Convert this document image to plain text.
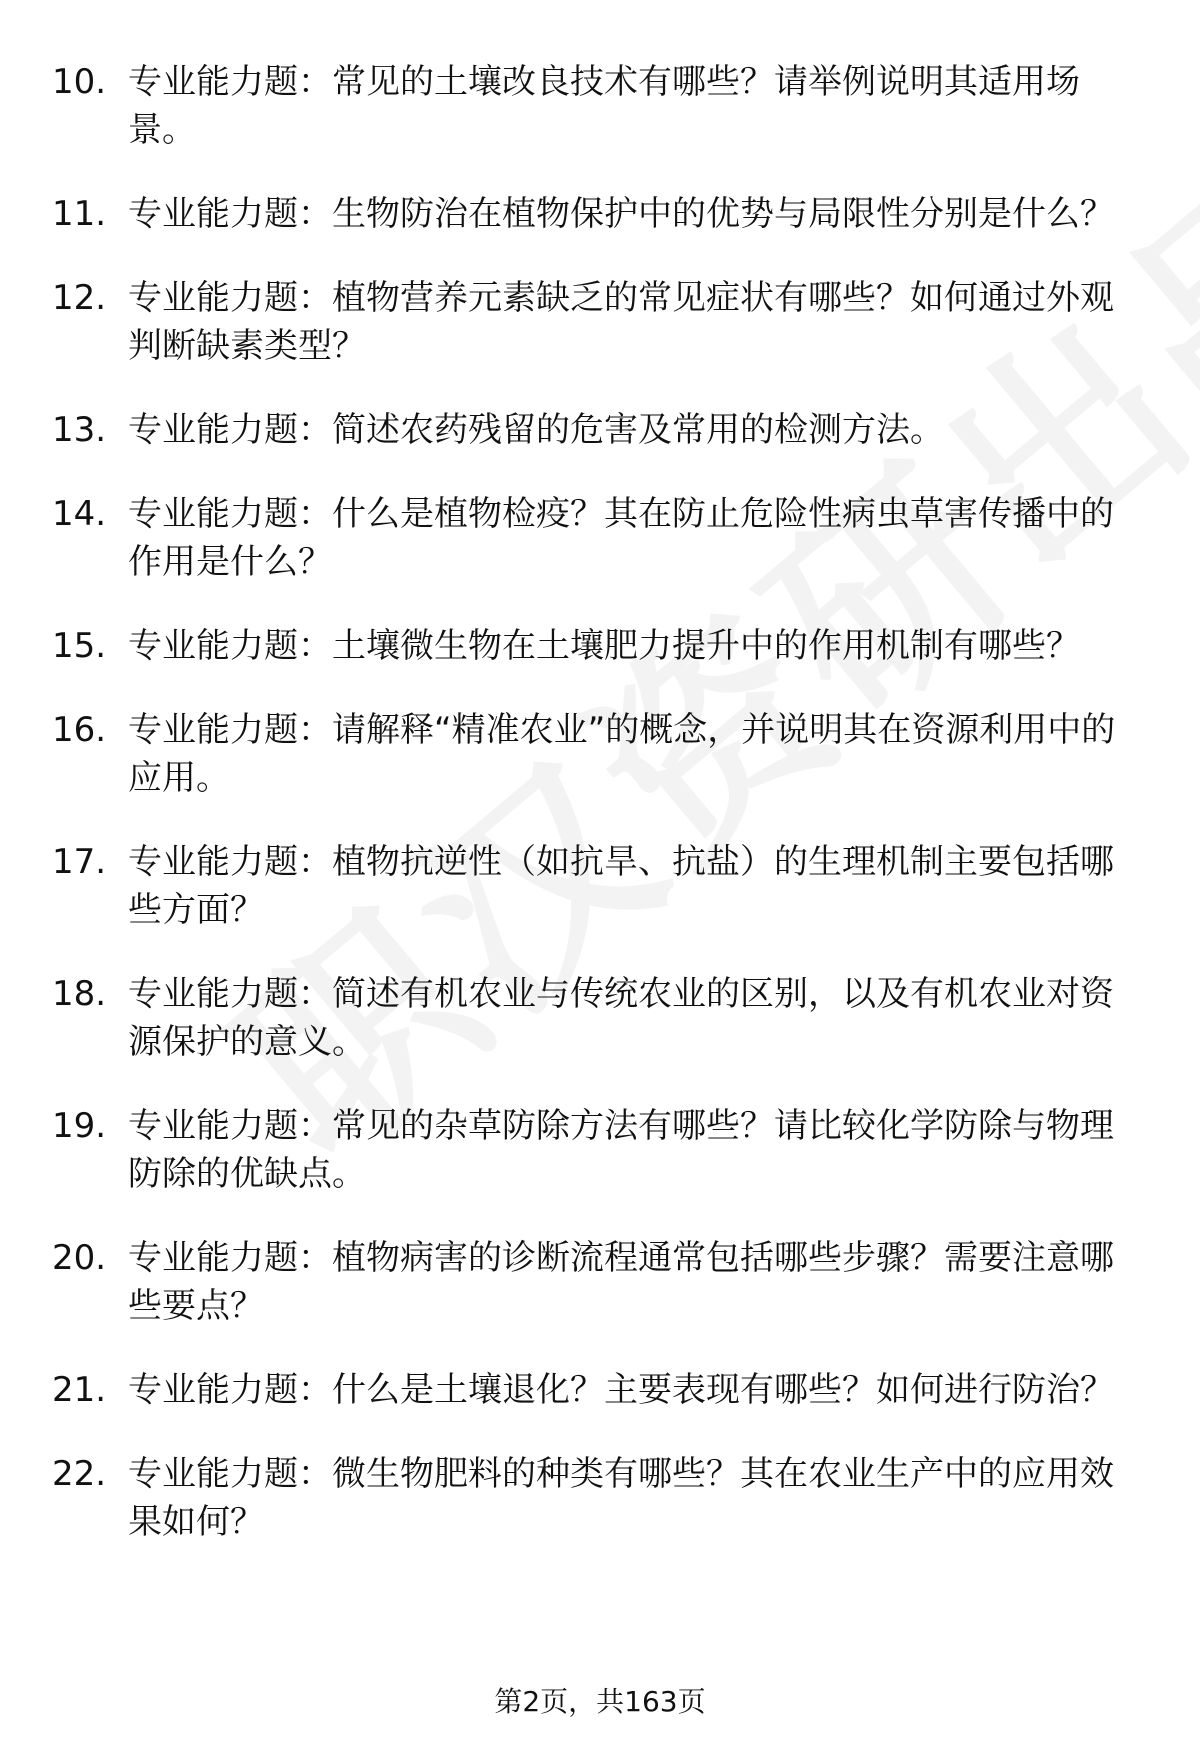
10. 专业能力题：常见的土壤改良技术有哪些？请举例说明其适用场景。
11. 专业能力题：生物防治在植物保护中的优势与局限性分别是什么？
12. 专业能力题：植物营养元素缺乏的常见症状有哪些？如何通过外观判断缺素类型？
13. 专业能力题：简述农药残留的危害及常用的检测方法。
14. 专业能力题：什么是植物检疫？其在防止危险性病虫草害传播中的作用是什么？
15. 专业能力题：土壤微生物在土壤肥力提升中的作用机制有哪些？
16. 专业能力题：请解释“精准农业”的概念，并说明其在资源利用中的应用。
17. 专业能力题：植物抗逆性（如抗旱、抗盐）的生理机制主要包括哪些方面？
18. 专业能力题：简述有机农业与传统农业的区别，以及有机农业对资源保护的意义。
19. 专业能力题：常见的杂草防除方法有哪些？请比较化学防除与物理防除的优缺点。
20. 专业能力题：植物病害的诊断流程通常包括哪些步骤？需要注意哪些要点？
21. 专业能力题：什么是土壤退化？主要表现有哪些？如何进行防治？
22. 专业能力题：微生物肥料的种类有哪些？其在农业生产中的应用效果如何？
第2页，共163页
